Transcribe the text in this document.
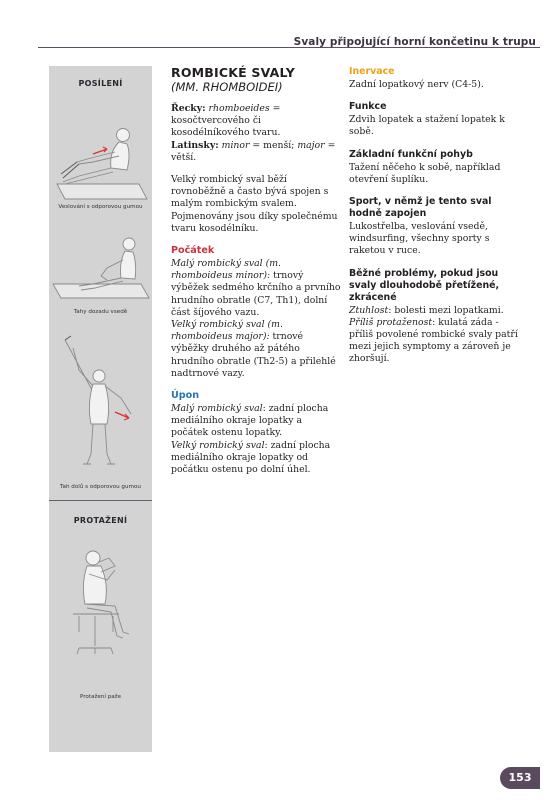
Svaly připojující horní končetinu k trupu
POSÍLENÍ
Veslování s odporovou gumou
Tahy dozadu vsedě
Tah dolů s odporovou gumou
PROTAŽENÍ
Protažení paže
ROMBICKÉ SVALY
(MM. RHOMBOIDEI)

Řecky: rhomboeides = kosočtvercového či kosodélníkového tvaru.

Latinsky: minor = menší; major = větší.

Velký rombický sval běží rovnoběžně a často bývá spojen s malým rombickým svalem. Pojmenovány jsou díky společnému tvaru kosodélníku.

Počátek

Malý rombický sval (m. rhomboideus minor): trnový výběžek sedmého krčního a prvního hrudního obratle (C7, Th1), dolní část šíjového vazu.

Velký rombický sval (m. rhomboideus major): trnové výběžky druhého až pátého hrudního obratle (Th2-5) a přilehlé nadtrnové vazy.

Úpon

Malý rombický sval: zadní plocha mediálního okraje lopatky a počátek ostenu lopatky.

Velký rombický sval: zadní plocha mediálního okraje lopatky od počátku ostenu po dolní úhel.

Inervace

Zadní lopatkový nerv (C4-5).

Funkce

Zdvih lopatek a stažení lopatek k sobě.

Základní funkční pohyb

Tažení něčeho k sobě, například otevření šuplíku.

Sport, v němž je tento sval hodně zapojen

Lukostřelba, veslování vsedě, windsurfing, všechny sporty s raketou v ruce.

Běžné problémy, pokud jsou svaly dlouhodobě přetížené, zkrácené

Ztuhlost: bolesti mezi lopatkami.

Příliš protaženost: kulatá záda - příliš povolené rombické svaly patří mezi jejich symptomy a zároveň je zhoršují.

153
